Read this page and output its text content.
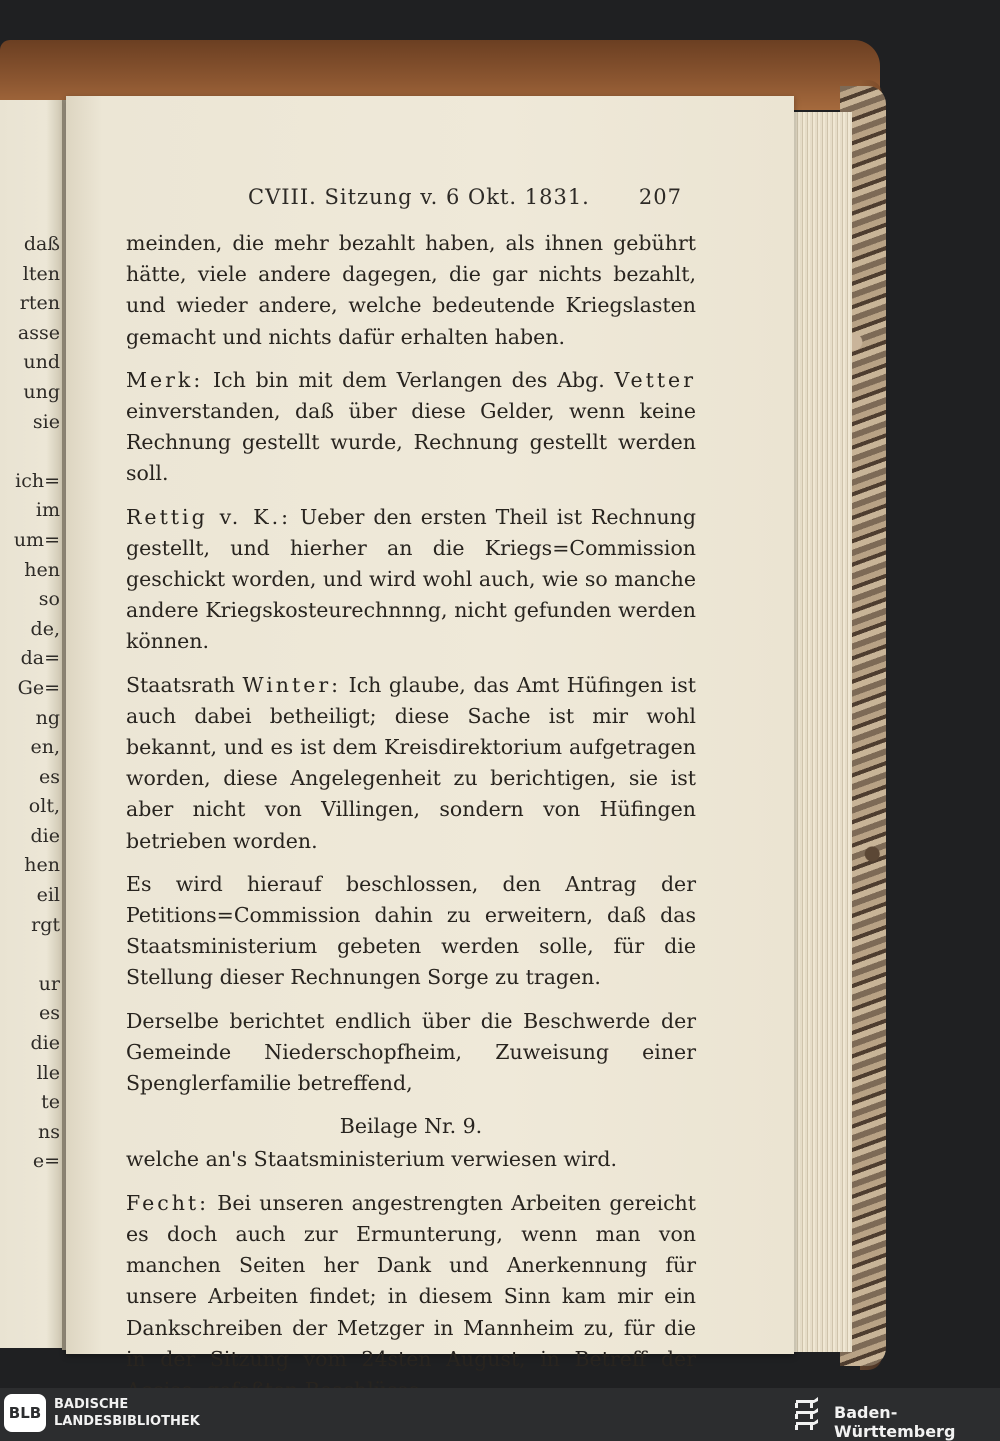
daß
lten
rten
asse
und
ung
sie

ich=
im
um=
hen
so
de,
da=
Ge=
ng
en,
es
olt,
die
hen
eil
rgt

ur
es
die
lle
te
ns
e=
CVIII. Sitzung v. 6 Okt. 1831. 207

meinden, die mehr bezahlt haben, als ihnen gebührt hätte, viele andere dagegen, die gar nichts bezahlt, und wieder andere, welche bedeutende Kriegslasten gemacht und nichts dafür erhalten haben.

Merk: Ich bin mit dem Verlangen des Abg. Vetter einverstanden, daß über diese Gelder, wenn keine Rechnung gestellt wurde, Rechnung gestellt werden soll.

Rettig v. K.: Ueber den ersten Theil ist Rechnung gestellt, und hierher an die Kriegs=Commission geschickt worden, und wird wohl auch, wie so manche andere Kriegskosteurechnnng, nicht gefunden werden können.

Staatsrath Winter: Ich glaube, das Amt Hüfingen ist auch dabei betheiligt; diese Sache ist mir wohl bekannt, und es ist dem Kreisdirektorium aufgetragen worden, diese Angelegenheit zu berichtigen, sie ist aber nicht von Villingen, sondern von Hüfingen betrieben worden.

Es wird hierauf beschlossen, den Antrag der Petitions=Commission dahin zu erweitern, daß das Staatsministerium gebeten werden solle, für die Stellung dieser Rechnungen Sorge zu tragen.

Derselbe berichtet endlich über die Beschwerde der Gemeinde Niederschopfheim, Zuweisung einer Spenglerfamilie betreffend,

Beilage Nr. 9.

welche an's Staatsministerium verwiesen wird.

Fecht: Bei unseren angestrengten Arbeiten gereicht es doch auch zur Ermunterung, wenn man von manchen Seiten her Dank und Anerkennung für unsere Arbeiten findet; in diesem Sinn kam mir ein Dankschreiben der Metzger in Mannheim zu, für die in der Sitzung vom 24sten August, in Betreff der

BLB BADISCHE
LANDESBIBLIOTHEK	Baden-Württemberg
